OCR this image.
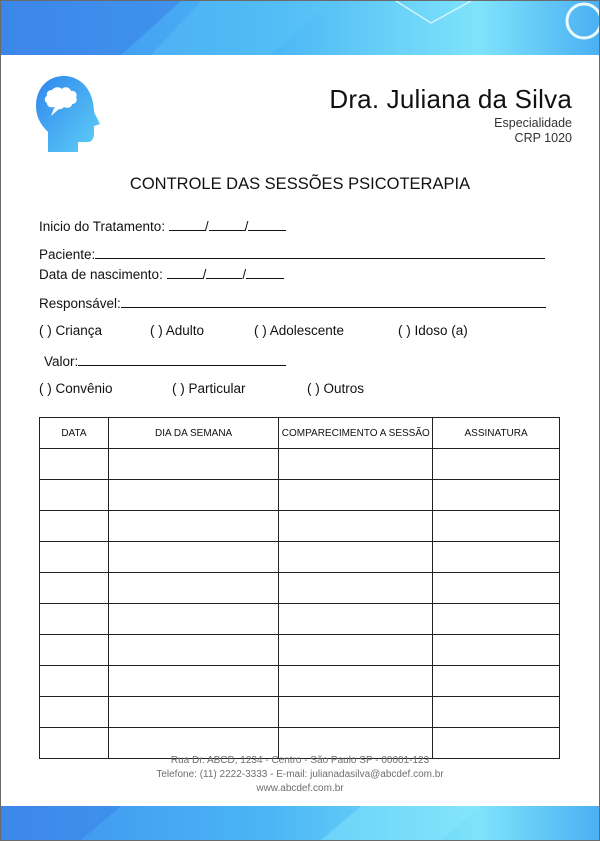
Dra. Juliana da Silva
Especialidade
CRP 1020
CONTROLE DAS SESSÕES PSICOTERAPIA
Inicio do Tratamento:	/	/
Paciente:
Data de nascimento:	/	/
Responsável:
( ) Criança	( ) Adulto	( ) Adolescente	( ) Idoso (a)
Valor:
( ) Convênio	( ) Particular	( ) Outros
DATA	DIA DA SEMANA	COMPARECIMENTO A SESSÃO	ASSINATURA

Rua Dr. ABCD, 1234 - Centro - São Paulo SP - 00001-123
Telefone: (11) 2222-3333 - E-mail: julianadasilva@abcdef.com.br
www.abcdef.com.br
